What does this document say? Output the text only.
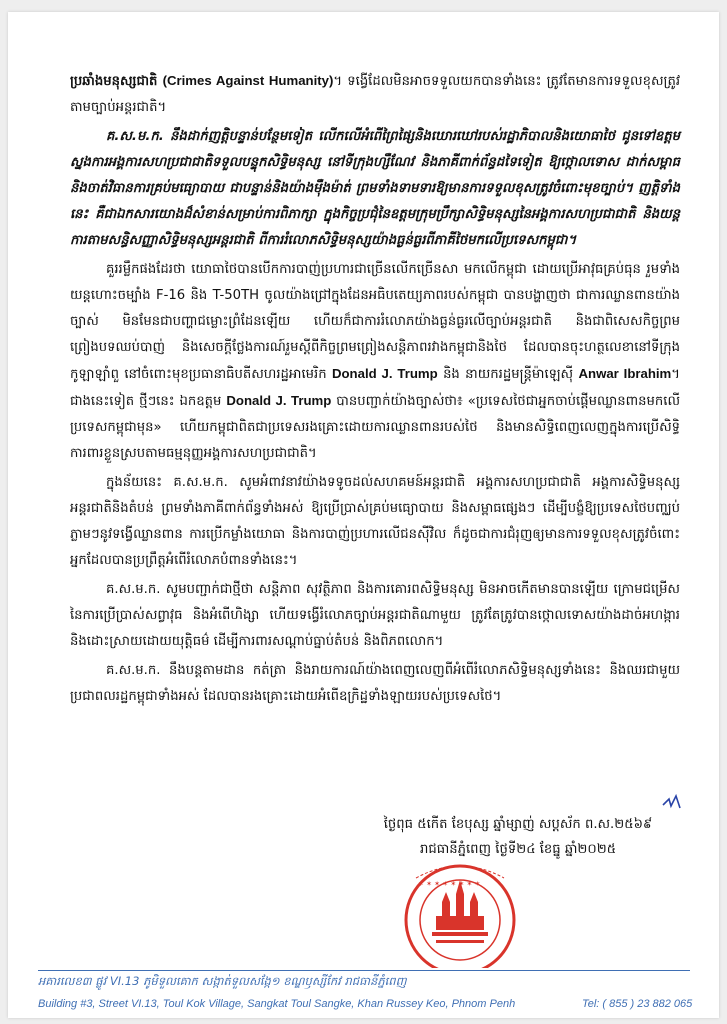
ប្រឆាំងមនុស្សជាតិ (Crimes Against Humanity)។ ទង្វើដែលមិនអាចទទួលយកបានទាំងនេះ ត្រូវតែមានការទទួលខុសត្រូវតាមច្បាប់អន្តរជាតិ។

គ.ស.ម.ក. នឹងដាក់ញត្តិបន្ទាន់បន្ថែមទៀត លើកលើអំពើព្រៃផ្សៃនិងឃោរឃៅរបស់រដ្ឋាភិបាលនិងយោធាថៃ ជូនទៅឧត្តមស្នងការអង្គការសហប្រជាជាតិទទួលបន្ទុកសិទ្ធិមនុស្ស នៅទីក្រុងហ្សឺណែវ និងភាគីពាក់ព័ន្ធដទៃទៀត ឱ្យថ្កោលទោស ដាក់សម្ពាធ និងចាត់វិធានការគ្រប់មធ្យោបាយ ជាបន្ទាន់និងយ៉ាងម៉ឺងម៉ាត់ ព្រមទាំងទាមទារឱ្យមានការទទួលខុសត្រូវចំពោះមុខច្បាប់។ ញត្តិទាំងនេះ គឺជាឯកសារយោងដ៏សំខាន់សម្រាប់ការពិភាក្សា ក្នុងកិច្ចប្រជុំនៃឧត្តមក្រុមប្រឹក្សាសិទ្ធិមនុស្សនៃអង្គការសហប្រជាជាតិ និងយន្តការតាមសន្ធិសញ្ញាសិទ្ធិមនុស្សអន្តរជាតិ ពីការរំលោភសិទ្ធិមនុស្សយ៉ាងធ្ងន់ធ្ងរពីភាគីថៃមកលើប្រទេសកម្ពុជា។

គួររម្លឹកផងដែរថា យោធាថៃបានបើកការបាញ់ប្រហារជាច្រើនលើកច្រើនសា មកលើកម្ពុជា ដោយប្រើអាវុធគ្រប់ធុន រួមទាំងយន្តហោះចម្បាំង F-16 និង T-50TH ចូលយ៉ាងជ្រៅក្នុងដែនអធិបតេយ្យភាពរបស់កម្ពុជា បានបង្ហាញថា ជាការឈ្លានពានយ៉ាងច្បាស់ មិនមែនជាបញ្ហាជម្លោះព្រំដែនឡើយ ហើយក៏ជាការរំលោភយ៉ាងធ្ងន់ធ្ងរលើច្បាប់អន្តរជាតិ និងជាពិសេសកិច្ចព្រមព្រៀងបទឈប់បាញ់ និងសេចក្តីថ្លែងការណ៍រួមស្តីពីកិច្ចព្រមព្រៀងសន្តិភាពរវាងកម្ពុជានិងថៃ ដែលបានចុះហត្ថលេខានៅទីក្រុងកូឡាឡាំពួ នៅចំពោះមុខប្រធានាធិបតីសហរដ្ឋអាមេរិក Donald J. Trump និង នាយករដ្ឋមន្ត្រីម៉ាឡេស៊ី Anwar Ibrahim។ ជាងនេះទៀត ថ្មីៗនេះ ឯកឧត្តម Donald J. Trump បានបញ្ជាក់យ៉ាងច្បាស់ថា៖ «ប្រទេសថៃជាអ្នកចាប់ផ្តើមឈ្លានពានមកលើប្រទេសកម្ពុជាមុន» ហើយកម្ពុជាពិតជាប្រទេសរងគ្រោះដោយការឈ្លានពានរបស់ថៃ និងមានសិទ្ធិពេញលេញក្នុងការប្រើសិទ្ធិការពារខ្លួនស្របតាមធម្មនុញ្ញអង្គការសហប្រជាជាតិ។

ក្នុងន័យនេះ គ.ស.ម.ក. សូមអំពាវនាវយ៉ាងទទូចដល់សហគមន៍អន្តរជាតិ អង្គការសហប្រជាជាតិ អង្គការសិទ្ធិមនុស្សអន្តរជាតិនិងតំបន់ ព្រមទាំងភាគីពាក់ព័ន្ធទាំងអស់ ឱ្យប្រើប្រាស់គ្រប់មធ្យោបាយ និងសម្ពាធផ្សេងៗ ដើម្បីបង្ខំឱ្យប្រទេសថៃបញ្ឈប់ភ្លាមៗនូវទង្វើឈ្លានពាន ការប្រើកម្លាំងយោធា និងការបាញ់ប្រហារលើជនស៊ីវិល ក៏ដូចជាការជំរុញឲ្យមានការទទួលខុសត្រូវចំពោះអ្នកដែលបានប្រព្រឹត្តអំពើរំលោភបំពានទាំងនេះ។

គ.ស.ម.ក. សូមបញ្ជាក់ជាថ្មីថា សន្តិភាព សុវត្ថិភាព និងការគោរពសិទ្ធិមនុស្ស មិនអាចកើតមានបានឡើយ ក្រោមជម្រើសនៃការប្រើប្រាស់សព្វាវុធ និងអំពើហិង្សា ហើយទង្វើរំលោភច្បាប់អន្តរជាតិណាមួយ ត្រូវតែត្រូវបានថ្កោលទោសយ៉ាងដាច់អហង្ការ និងដោះស្រាយដោយយុត្តិធម៌ ដើម្បីការពារសណ្តាប់ធ្នាប់តំបន់ និងពិភពលោក។

គ.ស.ម.ក. នឹងបន្តតាមដាន កត់ត្រា និងរាយការណ៍យ៉ាងពេញលេញពីអំពើរំលោភសិទ្ធិមនុស្សទាំងនេះ និងឈរជាមួយប្រជាពលរដ្ឋកម្ពុជាទាំងអស់ ដែលបានរងគ្រោះដោយអំពើឧក្រិដ្ឋទាំងឡាយរបស់ប្រទេសថៃ។

ថ្ងៃពុធ ៥កើត ខែបុស្ស ឆ្នាំម្សាញ់ សប្តស័ក ព.ស.២៥៦៩
រាជធានីភ្នំពេញ ថ្ងៃទី២៤ ខែធ្នូ ឆ្នាំ២០២៥
✶ ✶ ✶ ✶ ✶ ✶ ✶ ✶
អគារលេខ៣ ផ្លូវ VI.13 ភូមិទួលគោក សង្កាត់ទួលសង្កែ១ ខណ្ឌឫស្សីកែវ រាជធានីភ្នំពេញ
Building #3, Street VI.13, Toul Kok Village, Sangkat Toul Sangke, Khan Russey Keo, Phnom Penh	Tel: ( 855 ) 23 882 065
